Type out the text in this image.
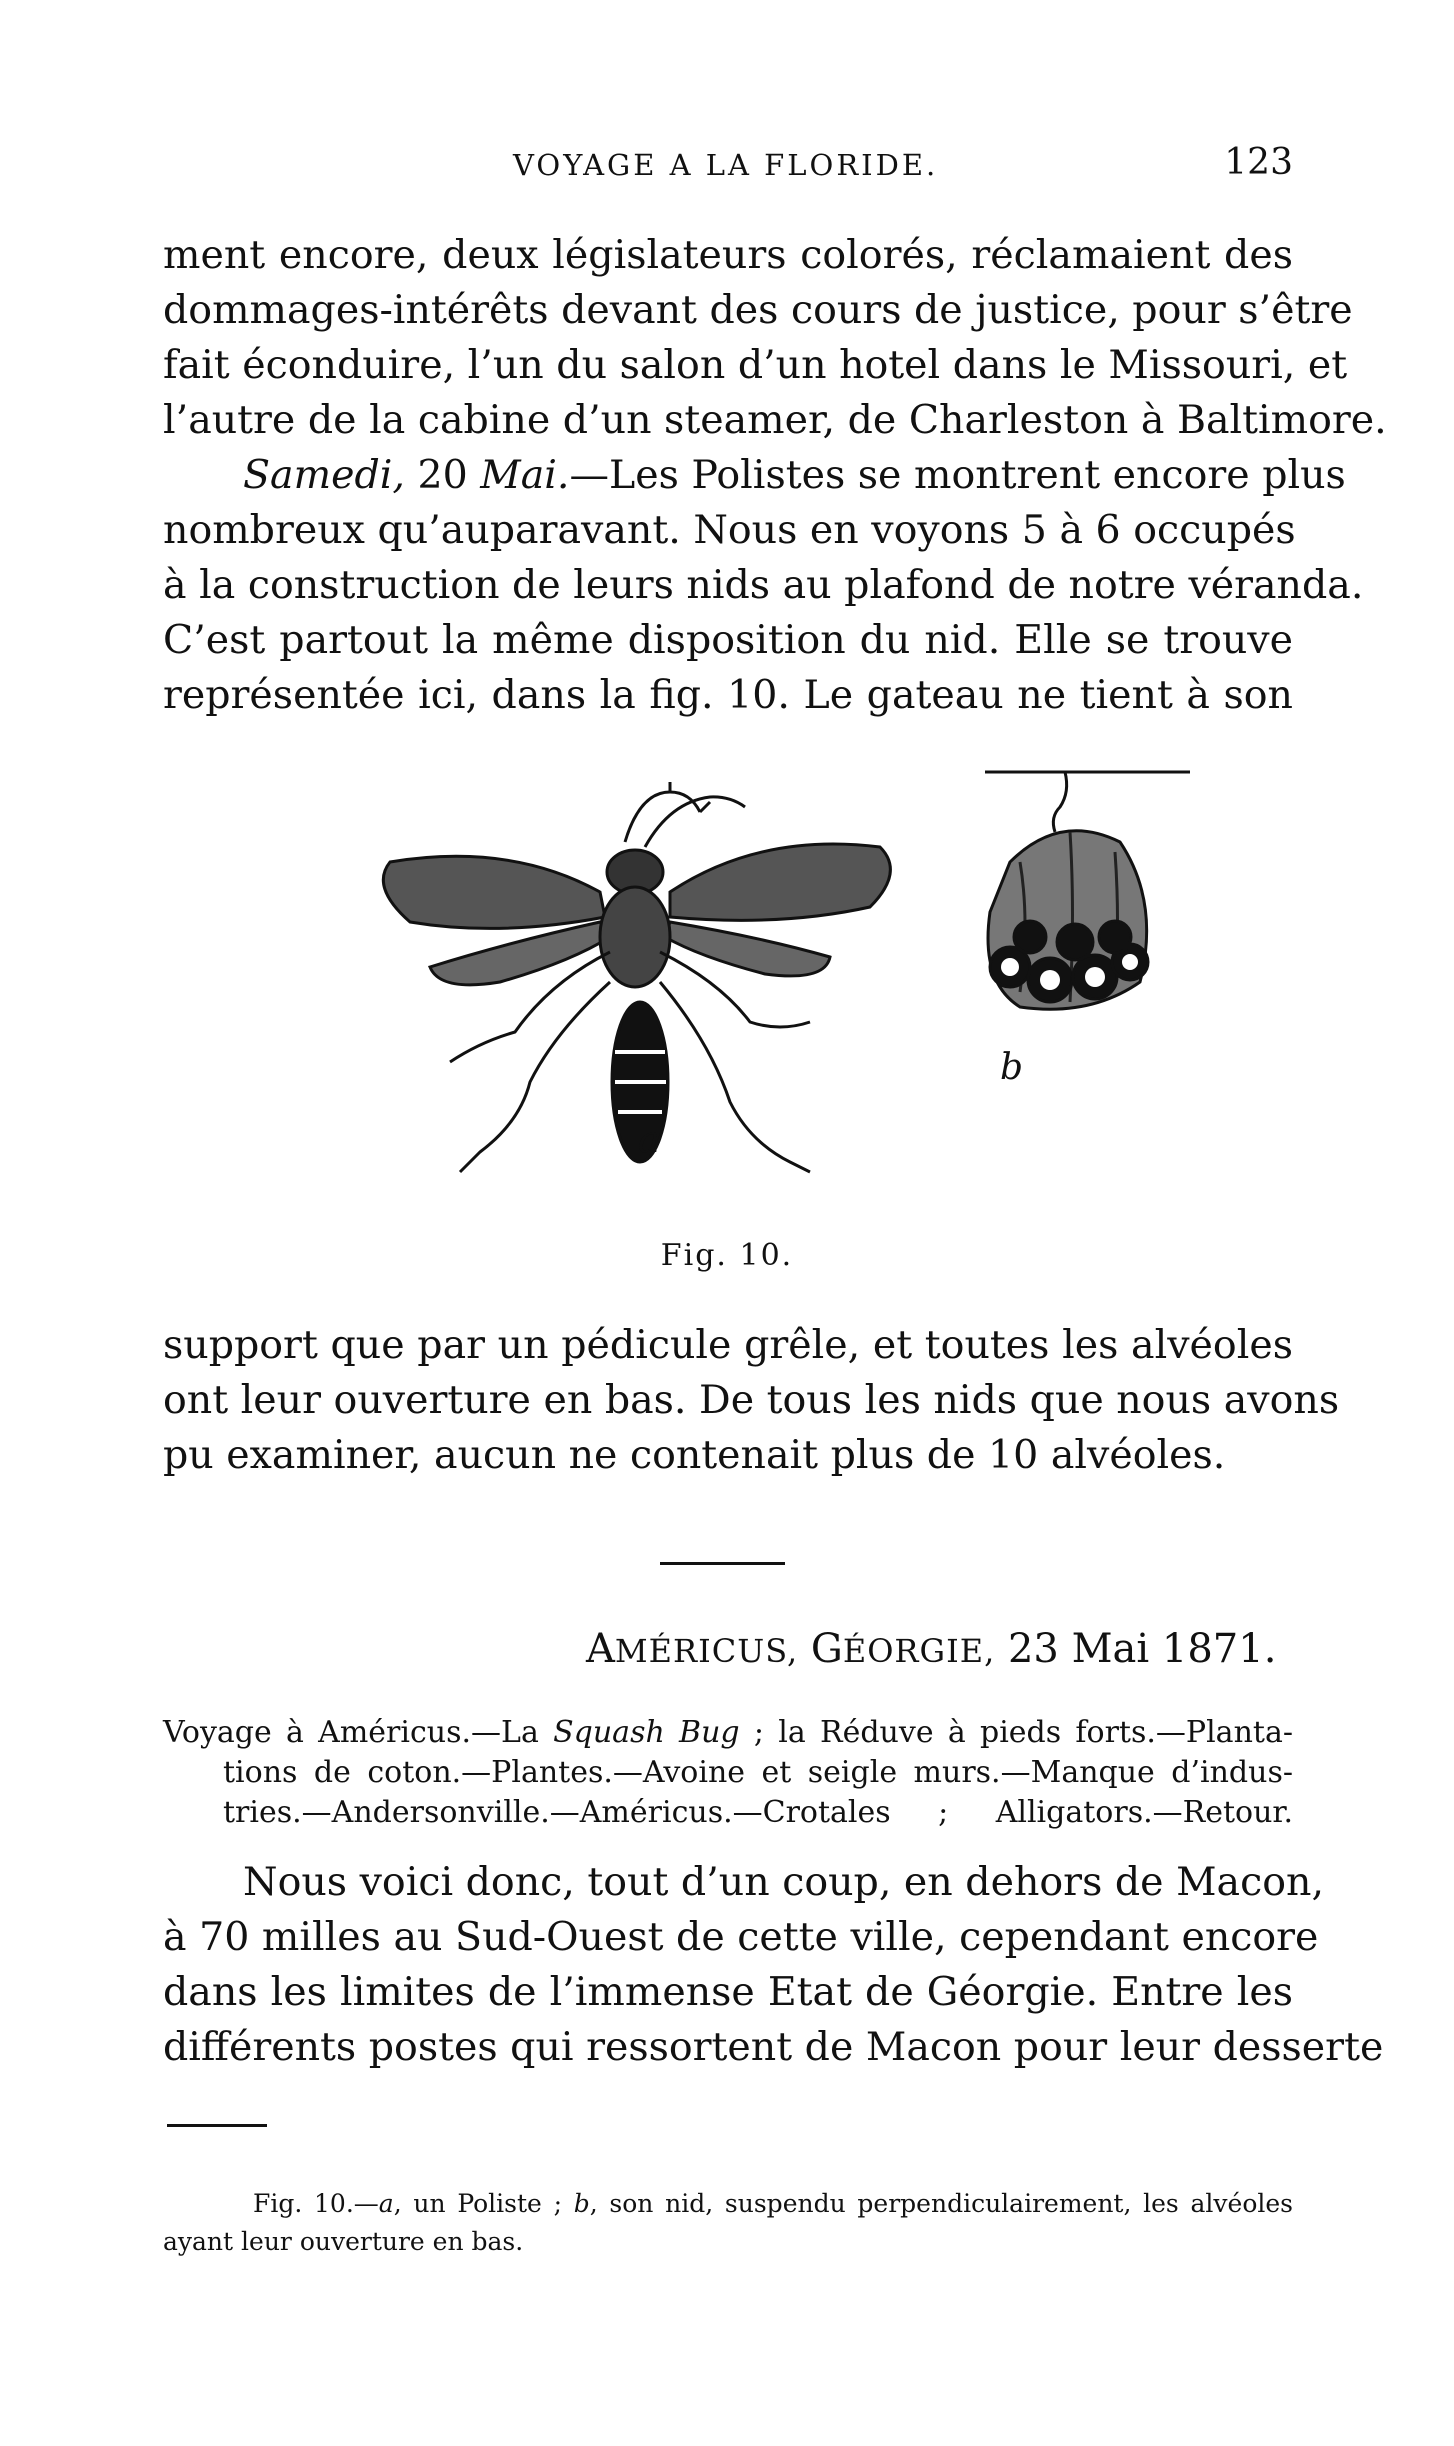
VOYAGE A LA FLORIDE.	123
ment encore, deux législateurs colorés, réclamaient des
dommages-intérêts devant des cours de justice, pour s’être
fait éconduire, l’un du salon d’un hotel dans le Missouri, et
l’autre de la cabine d’un steamer, de Charleston à Baltimore.
Samedi, 20 Mai.—Les Polistes se montrent encore plus
nombreux qu’auparavant. Nous en voyons 5 à 6 occupés
à la construction de leurs nids au plafond de notre véranda.
C’est partout la même disposition du nid. Elle se trouve
représentée ici, dans la fig. 10. Le gateau ne tient à son
a
b
Fig. 10.
support que par un pédicule grêle, et toutes les alvéoles
ont leur ouverture en bas. De tous les nids que nous avons
pu examiner, aucun ne contenait plus de 10 alvéoles.
AMÉRICUS, GÉORGIE, 23 Mai 1871.
Voyage à Américus.—La Squash Bug ; la Réduve à pieds forts.—Planta-
tions de coton.—Plantes.—Avoine et seigle murs.—Manque d’indus-
tries.—Andersonville.—Américus.—Crotales ; Alligators.—Retour.
Nous voici donc, tout d’un coup, en dehors de Macon,
à 70 milles au Sud-Ouest de cette ville, cependant encore
dans les limites de l’immense Etat de Géorgie. Entre les
différents postes qui ressortent de Macon pour leur desserte
Fig. 10.—a, un Poliste ; b, son nid, suspendu perpendiculairement, les alvéoles
ayant leur ouverture en bas.
